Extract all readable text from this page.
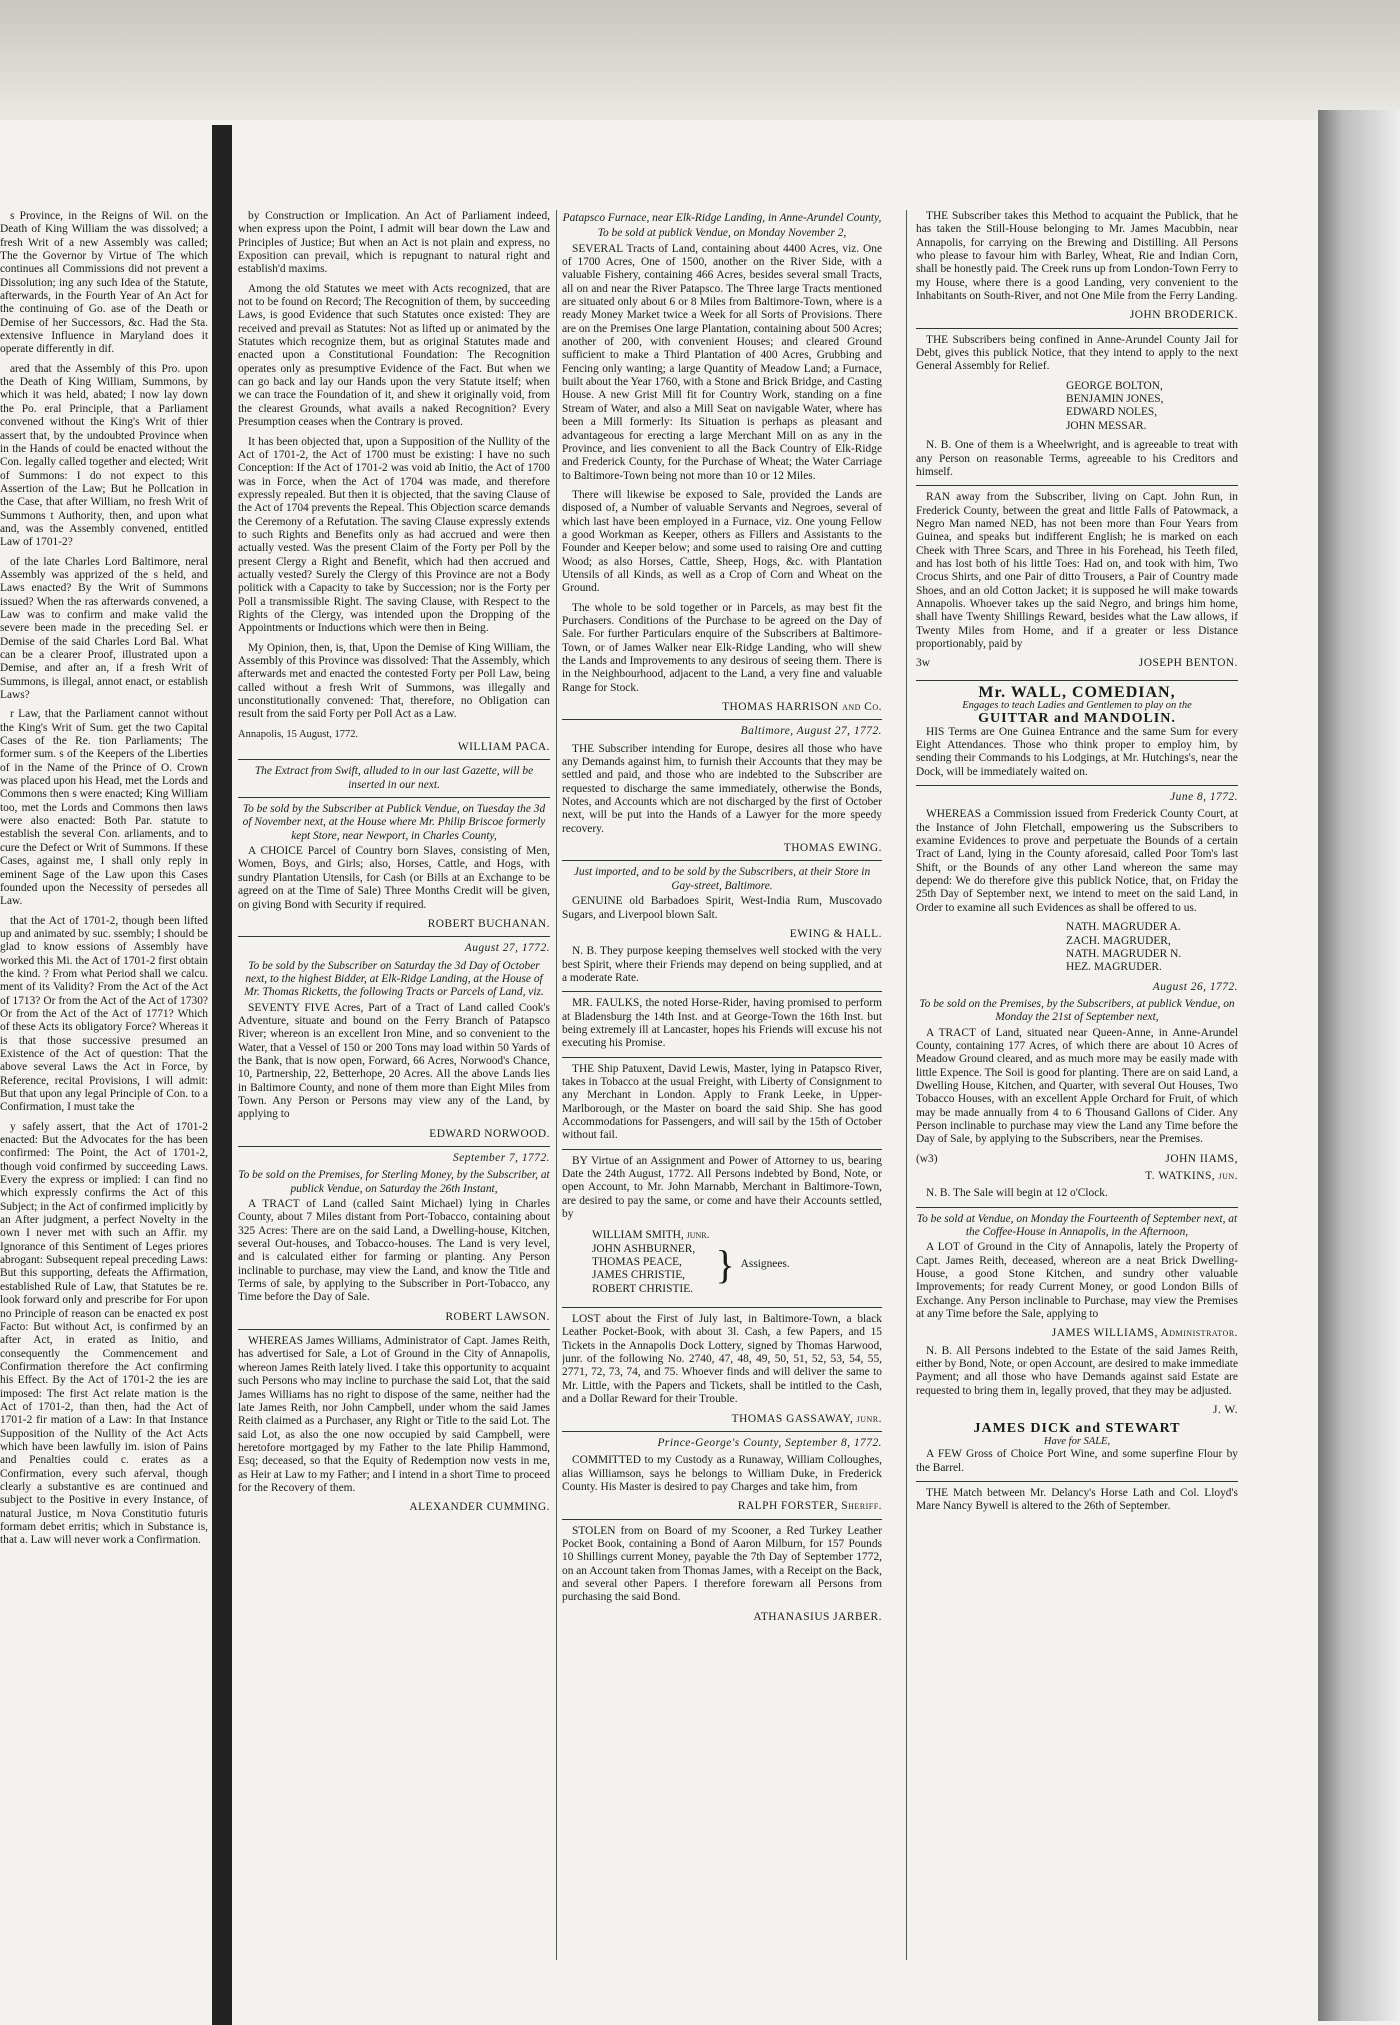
s Province, in the Reigns of Wil. on the Death of King William the was dissolved; a fresh Writ of a new Assembly was called; The the Governor by Virtue of The which continues all Commissions did not prevent a Dissolution; ing any such Idea of the Statute, afterwards, in the Fourth Year of An Act for the continuing of Go. ase of the Death or Demise of her Successors, &c. Had the Sta. extensive Influence in Maryland does it operate differently in dif.

ared that the Assembly of this Pro. upon the Death of King William, Summons, by which it was held, abated; I now lay down the Po. eral Principle, that a Parliament convened without the King's Writ of thier assert that, by the undoubted Province when in the Hands of could be enacted without the Con. legally called together and elected; Writ of Summons: I do not expect to this Assertion of the Law; But he Pollcation in the Case, that after William, no fresh Writ of Summons t Authority, then, and upon what and, was the Assembly convened, entitled Law of 1701-2?

of the late Charles Lord Baltimore, neral Assembly was apprized of the s held, and Laws enacted? By the Writ of Summons issued? When the ras afterwards convened, a Law was to confirm and make valid the severe been made in the preceding Sel. er Demise of the said Charles Lord Bal. What can be a clearer Proof, illustrated upon a Demise, and after an, if a fresh Writ of Summons, is illegal, annot enact, or establish Laws?

r Law, that the Parliament cannot without the King's Writ of Sum. get the two Capital Cases of the Re. tion Parliaments; The former sum. s of the Keepers of the Liberties of in the Name of the Prince of O. Crown was placed upon his Head, met the Lords and Commons then s were enacted; King William too, met the Lords and Commons then laws were also enacted: Both Par. statute to establish the several Con. arliaments, and to cure the Defect or Writ of Summons. If these Cases, against me, I shall only reply in eminent Sage of the Law upon this Cases founded upon the Necessity of persedes all Law.

that the Act of 1701-2, though been lifted up and animated by suc. ssembly; I should be glad to know essions of Assembly have worked this Mi. the Act of 1701-2 first obtain the kind. ? From what Period shall we calcu. ment of its Validity? From the Act of the Act of 1713? Or from the Act of the Act of 1730? Or from the Act of the Act of 1771? Which of these Acts its obligatory Force? Whereas it is that those successive presumed an Existence of the Act of question: That the above several Laws the Act in Force, by Reference, recital Provisions, I will admit: But that upon any legal Principle of Con. to a Confirmation, I must take the

y safely assert, that the Act of 1701-2 enacted: But the Advocates for the has been confirmed: The Point, the Act of 1701-2, though void confirmed by succeeding Laws. Every the express or implied: I can find no which expressly confirms the Act of this Subject; in the Act of confirmed implicitly by an After judgment, a perfect Novelty in the own I never met with such an Affir. my Ignorance of this Sentiment of Leges priores abrogant: Subsequent repeal preceding Laws: But this supporting, defeats the Affirmation, established Rule of Law, that Statutes be re. look forward only and prescribe for For upon no Principle of reason can be enacted ex post Facto: But without Act, is confirmed by an after Act, in erated as Initio, and consequently the Commencement and Confirmation therefore the Act confirming his Effect. By the Act of 1701-2 the ies are imposed: The first Act relate mation is the Act of 1701-2, than then, had the Act of 1701-2 fir mation of a Law: In that Instance Supposition of the Nullity of the Act Acts which have been lawfully im. ision of Pains and Penalties could c. erates as a Confirmation, every such aferval, though clearly a substantive es are continued and subject to the Positive in every Instance, of natural Justice, m Nova Constitutio futuris formam debet erritis; which in Substance is, that a. Law will never work a Confirmation.

by Construction or Implication. An Act of Parliament indeed, when express upon the Point, I admit will bear down the Law and Principles of Justice; But when an Act is not plain and express, no Exposition can prevail, which is repugnant to natural right and establish'd maxims.

Among the old Statutes we meet with Acts recognized, that are not to be found on Record; The Recognition of them, by succeeding Laws, is good Evidence that such Statutes once existed: They are received and prevail as Statutes: Not as lifted up or animated by the Statutes which recognize them, but as original Statutes made and enacted upon a Constitutional Foundation: The Recognition operates only as presumptive Evidence of the Fact. But when we can go back and lay our Hands upon the very Statute itself; when we can trace the Foundation of it, and shew it originally void, from the clearest Grounds, what avails a naked Recognition? Every Presumption ceases when the Contrary is proved.

It has been objected that, upon a Supposition of the Nullity of the Act of 1701-2, the Act of 1700 must be existing: I have no such Conception: If the Act of 1701-2 was void ab Initio, the Act of 1700 was in Force, when the Act of 1704 was made, and therefore expressly repealed. But then it is objected, that the saving Clause of the Act of 1704 prevents the Repeal. This Objection scarce demands the Ceremony of a Refutation. The saving Clause expressly extends to such Rights and Benefits only as had accrued and were then actually vested. Was the present Claim of the Forty per Poll by the present Clergy a Right and Benefit, which had then accrued and actually vested? Surely the Clergy of this Province are not a Body politick with a Capacity to take by Succession; nor is the Forty per Poll a transmissible Right. The saving Clause, with Respect to the Rights of the Clergy, was intended upon the Dropping of the Appointments or Inductions which were then in Being.

My Opinion, then, is, that, Upon the Demise of King William, the Assembly of this Province was dissolved: That the Assembly, which afterwards met and enacted the contested Forty per Poll Law, being called without a fresh Writ of Summons, was illegally and unconstitutionally convened: That, therefore, no Obligation can result from the said Forty per Poll Act as a Law.

Annapolis, 15 August, 1772.
WILLIAM PACA.

The Extract from Swift, alluded to in our last Gazette, will be inserted in our next.

To be sold by the Subscriber at Publick Vendue, on Tuesday the 3d of November next, at the House where Mr. Philip Briscoe formerly kept Store, near Newport, in Charles County,

A CHOICE Parcel of Country born Slaves, consisting of Men, Women, Boys, and Girls; also, Horses, Cattle, and Hogs, with sundry Plantation Utensils, for Cash (or Bills at an Exchange to be agreed on at the Time of Sale) Three Months Credit will be given, on giving Bond with Security if required.

ROBERT BUCHANAN.
August 27, 1772.

To be sold by the Subscriber on Saturday the 3d Day of October next, to the highest Bidder, at Elk-Ridge Landing, at the House of Mr. Thomas Ricketts, the following Tracts or Parcels of Land, viz.

SEVENTY FIVE Acres, Part of a Tract of Land called Cook's Adventure, situate and bound on the Ferry Branch of Patapsco River; whereon is an excellent Iron Mine, and so convenient to the Water, that a Vessel of 150 or 200 Tons may load within 50 Yards of the Bank, that is now open, Forward, 66 Acres, Norwood's Chance, 10, Partnership, 22, Betterhope, 20 Acres. All the above Lands lies in Baltimore County, and none of them more than Eight Miles from Town. Any Person or Persons may view any of the Land, by applying to

EDWARD NORWOOD.
September 7, 1772.

To be sold on the Premises, for Sterling Money, by the Subscriber, at publick Vendue, on Saturday the 26th Instant,

A TRACT of Land (called Saint Michael) lying in Charles County, about 7 Miles distant from Port-Tobacco, containing about 325 Acres: There are on the said Land, a Dwelling-house, Kitchen, several Out-houses, and Tobacco-houses. The Land is very level, and is calculated either for farming or planting. Any Person inclinable to purchase, may view the Land, and know the Title and Terms of sale, by applying to the Subscriber in Port-Tobacco, any Time before the Day of Sale.

ROBERT LAWSON.

WHEREAS James Williams, Administrator of Capt. James Reith, has advertised for Sale, a Lot of Ground in the City of Annapolis, whereon James Reith lately lived. I take this opportunity to acquaint such Persons who may incline to purchase the said Lot, that the said James Williams has no right to dispose of the same, neither had the late James Reith, nor John Campbell, under whom the said James Reith claimed as a Purchaser, any Right or Title to the said Lot. The said Lot, as also the one now occupied by said Campbell, were heretofore mortgaged by my Father to the late Philip Hammond, Esq; deceased, so that the Equity of Redemption now vests in me, as Heir at Law to my Father; and I intend in a short Time to proceed for the Recovery of them.

ALEXANDER CUMMING.

Patapsco Furnace, near Elk-Ridge Landing, in Anne-Arundel County,

To be sold at publick Vendue, on Monday November 2,

SEVERAL Tracts of Land, containing about 4400 Acres, viz. One of 1700 Acres, One of 1500, another on the River Side, with a valuable Fishery, containing 466 Acres, besides several small Tracts, all on and near the River Patapsco. The Three large Tracts mentioned are situated only about 6 or 8 Miles from Baltimore-Town, where is a ready Money Market twice a Week for all Sorts of Provisions. There are on the Premises One large Plantation, containing about 500 Acres; another of 200, with convenient Houses; and cleared Ground sufficient to make a Third Plantation of 400 Acres, Grubbing and Fencing only wanting; a large Quantity of Meadow Land; a Furnace, built about the Year 1760, with a Stone and Brick Bridge, and Casting House. A new Grist Mill fit for Country Work, standing on a fine Stream of Water, and also a Mill Seat on navigable Water, where has been a Mill formerly: Its Situation is perhaps as pleasant and advantageous for erecting a large Merchant Mill on as any in the Province, and lies convenient to all the Back Country of Elk-Ridge and Frederick County, for the Purchase of Wheat; the Water Carriage to Baltimore-Town being not more than 10 or 12 Miles.

There will likewise be exposed to Sale, provided the Lands are disposed of, a Number of valuable Servants and Negroes, several of which last have been employed in a Furnace, viz. One young Fellow a good Workman as Keeper, others as Fillers and Assistants to the Founder and Keeper below; and some used to raising Ore and cutting Wood; as also Horses, Cattle, Sheep, Hogs, &c. with Plantation Utensils of all Kinds, as well as a Crop of Corn and Wheat on the Ground.

The whole to be sold together or in Parcels, as may best fit the Purchasers. Conditions of the Purchase to be agreed on the Day of Sale. For further Particulars enquire of the Subscribers at Baltimore-Town, or of James Walker near Elk-Ridge Landing, who will shew the Lands and Improvements to any desirous of seeing them. There is in the Neighbourhood, adjacent to the Land, a very fine and valuable Range for Stock.

THOMAS HARRISON and Co.
Baltimore, August 27, 1772.

THE Subscriber intending for Europe, desires all those who have any Demands against him, to furnish their Accounts that they may be settled and paid, and those who are indebted to the Subscriber are requested to discharge the same immediately, otherwise the Bonds, Notes, and Accounts which are not discharged by the first of October next, will be put into the Hands of a Lawyer for the more speedy recovery.

THOMAS EWING.

Just imported, and to be sold by the Subscribers, at their Store in Gay-street, Baltimore.

GENUINE old Barbadoes Spirit, West-India Rum, Muscovado Sugars, and Liverpool blown Salt.

EWING & HALL.

N. B. They purpose keeping themselves well stocked with the very best Spirit, where their Friends may depend on being supplied, and at a moderate Rate.

MR. FAULKS, the noted Horse-Rider, having promised to perform at Bladensburg the 14th Inst. and at George-Town the 16th Inst. but being extremely ill at Lancaster, hopes his Friends will excuse his not executing his Promise.

THE Ship Patuxent, David Lewis, Master, lying in Patapsco River, takes in Tobacco at the usual Freight, with Liberty of Consignment to any Merchant in London. Apply to Frank Leeke, in Upper-Marlborough, or the Master on board the said Ship. She has good Accommodations for Passengers, and will sail by the 15th of October without fail.

BY Virtue of an Assignment and Power of Attorney to us, bearing Date the 24th August, 1772. All Persons indebted by Bond, Note, or open Account, to Mr. John Marnabb, Merchant in Baltimore-Town, are desired to pay the same, or come and have their Accounts settled, by

WILLIAM SMITH, junr.
JOHN ASHBURNER,
THOMAS PEACE,
JAMES CHRISTIE,
ROBERT CHRISTIE.
} Assignees.

LOST about the First of July last, in Baltimore-Town, a black Leather Pocket-Book, with about 3l. Cash, a few Papers, and 15 Tickets in the Annapolis Dock Lottery, signed by Thomas Harwood, junr. of the following No. 2740, 47, 48, 49, 50, 51, 52, 53, 54, 55, 2771, 72, 73, 74, and 75. Whoever finds and will deliver the same to Mr. Little, with the Papers and Tickets, shall be intitled to the Cash, and a Dollar Reward for their Trouble.

THOMAS GASSAWAY, junr.
Prince-George's County, September 8, 1772.

COMMITTED to my Custody as a Runaway, William Colloughes, alias Williamson, says he belongs to William Duke, in Frederick County. His Master is desired to pay Charges and take him, from

RALPH FORSTER, Sheriff.

STOLEN from on Board of my Scooner, a Red Turkey Leather Pocket Book, containing a Bond of Aaron Milburn, for 157 Pounds 10 Shillings current Money, payable the 7th Day of September 1772, on an Account taken from Thomas James, with a Receipt on the Back, and several other Papers. I therefore forewarn all Persons from purchasing the said Bond.

ATHANASIUS JARBER.

THE Subscriber takes this Method to acquaint the Publick, that he has taken the Still-House belonging to Mr. James Macubbin, near Annapolis, for carrying on the Brewing and Distilling. All Persons who please to favour him with Barley, Wheat, Rie and Indian Corn, shall be honestly paid. The Creek runs up from London-Town Ferry to my House, where there is a good Landing, very convenient to the Inhabitants on South-River, and not One Mile from the Ferry Landing.

JOHN BRODERICK.

THE Subscribers being confined in Anne-Arundel County Jail for Debt, gives this publick Notice, that they intend to apply to the next General Assembly for Relief.

GEORGE BOLTON,
BENJAMIN JONES,
EDWARD NOLES,
JOHN MESSAR.

N. B. One of them is a Wheelwright, and is agreeable to treat with any Person on reasonable Terms, agreeable to his Creditors and himself.

RAN away from the Subscriber, living on Capt. John Run, in Frederick County, between the great and little Falls of Patowmack, a Negro Man named NED, has not been more than Four Years from Guinea, and speaks but indifferent English; he is marked on each Cheek with Three Scars, and Three in his Forehead, his Teeth filed, and has lost both of his little Toes: Had on, and took with him, Two Crocus Shirts, and one Pair of ditto Trousers, a Pair of Country made Shoes, and an old Cotton Jacket; it is supposed he will make towards Annapolis. Whoever takes up the said Negro, and brings him home, shall have Twenty Shillings Reward, besides what the Law allows, if Twenty Miles from Home, and if a greater or less Distance proportionably, paid by

3w	JOSEPH BENTON.
Mr. WALL, COMEDIAN,
Engages to teach Ladies and Gentlemen to play on the
GUITTAR and MANDOLIN.

HIS Terms are One Guinea Entrance and the same Sum for every Eight Attendances. Those who think proper to employ him, by sending their Commands to his Lodgings, at Mr. Hutchings's, near the Dock, will be immediately waited on.

June 8, 1772.

WHEREAS a Commission issued from Frederick County Court, at the Instance of John Fletchall, empowering us the Subscribers to examine Evidences to prove and perpetuate the Bounds of a certain Tract of Land, lying in the County aforesaid, called Poor Tom's last Shift, or the Bounds of any other Land whereon the same may depend: We do therefore give this publick Notice, that, on Friday the 25th Day of September next, we intend to meet on the said Land, in Order to examine all such Evidences as shall be offered to us.

NATH. MAGRUDER A.
ZACH. MAGRUDER,
NATH. MAGRUDER N.
HEZ. MAGRUDER.
August 26, 1772.

To be sold on the Premises, by the Subscribers, at publick Vendue, on Monday the 21st of September next,

A TRACT of Land, situated near Queen-Anne, in Anne-Arundel County, containing 177 Acres, of which there are about 10 Acres of Meadow Ground cleared, and as much more may be easily made with little Expence. The Soil is good for planting. There are on said Land, a Dwelling House, Kitchen, and Quarter, with several Out Houses, Two Tobacco Houses, with an excellent Apple Orchard for Fruit, of which may be made annually from 4 to 6 Thousand Gallons of Cider. Any Person inclinable to purchase may view the Land any Time before the Day of Sale, by applying to the Subscribers, near the Premises.

(w3)	JOHN IIAMS,
T. WATKINS, jun.

N. B. The Sale will begin at 12 o'Clock.

To be sold at Vendue, on Monday the Fourteenth of September next, at the Coffee-House in Annapolis, in the Afternoon,

A LOT of Ground in the City of Annapolis, lately the Property of Capt. James Reith, deceased, whereon are a neat Brick Dwelling-House, a good Stone Kitchen, and sundry other valuable Improvements; for ready Current Money, or good London Bills of Exchange. Any Person inclinable to Purchase, may view the Premises at any Time before the Sale, applying to

JAMES WILLIAMS, Administrator.

N. B. All Persons indebted to the Estate of the said James Reith, either by Bond, Note, or open Account, are desired to make immediate Payment; and all those who have Demands against said Estate are requested to bring them in, legally proved, that they may be adjusted.

J. W.
JAMES DICK and STEWART
Have for SALE,

A FEW Gross of Choice Port Wine, and some superfine Flour by the Barrel.

THE Match between Mr. Delancy's Horse Lath and Col. Lloyd's Mare Nancy Bywell is altered to the 26th of September.
